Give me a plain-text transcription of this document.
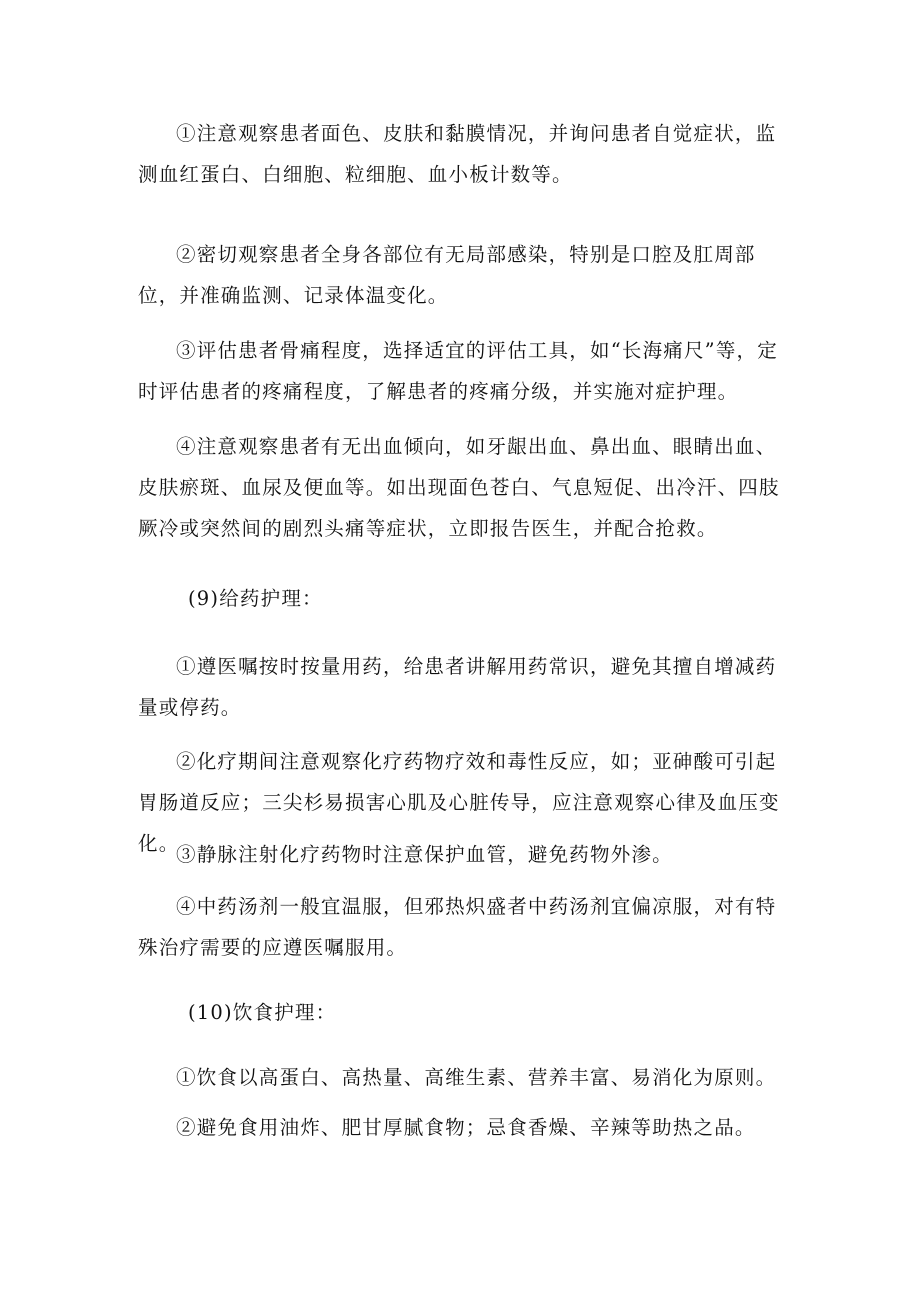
①注意观察患者面色、皮肤和黏膜情况，并询问患者自觉症状，监测血红蛋白、白细胞、粒细胞、血小板计数等。

②密切观察患者全身各部位有无局部感染，特别是口腔及肛周部位，并准确监测、记录体温变化。

③评估患者骨痛程度，选择适宜的评估工具，如“长海痛尺”等，定时评估患者的疼痛程度，了解患者的疼痛分级，并实施对症护理。

④注意观察患者有无出血倾向，如牙龈出血、鼻出血、眼睛出血、皮肤瘀斑、血尿及便血等。如出现面色苍白、气息短促、出冷汗、四肢厥冷或突然间的剧烈头痛等症状，立即报告医生，并配合抢救。

(9)给药护理：

①遵医嘱按时按量用药，给患者讲解用药常识，避免其擅自增减药量或停药。

②化疗期间注意观察化疗药物疗效和毒性反应，如；亚砷酸可引起胃肠道反应；三尖杉易损害心肌及心脏传导，应注意观察心律及血压变化。

③静脉注射化疗药物时注意保护血管，避免药物外渗。

④中药汤剂一般宜温服，但邪热炽盛者中药汤剂宜偏凉服，对有特殊治疗需要的应遵医嘱服用。

(10)饮食护理：

①饮食以高蛋白、高热量、高维生素、营养丰富、易消化为原则。

②避免食用油炸、肥甘厚腻食物；忌食香燥、辛辣等助热之品。
